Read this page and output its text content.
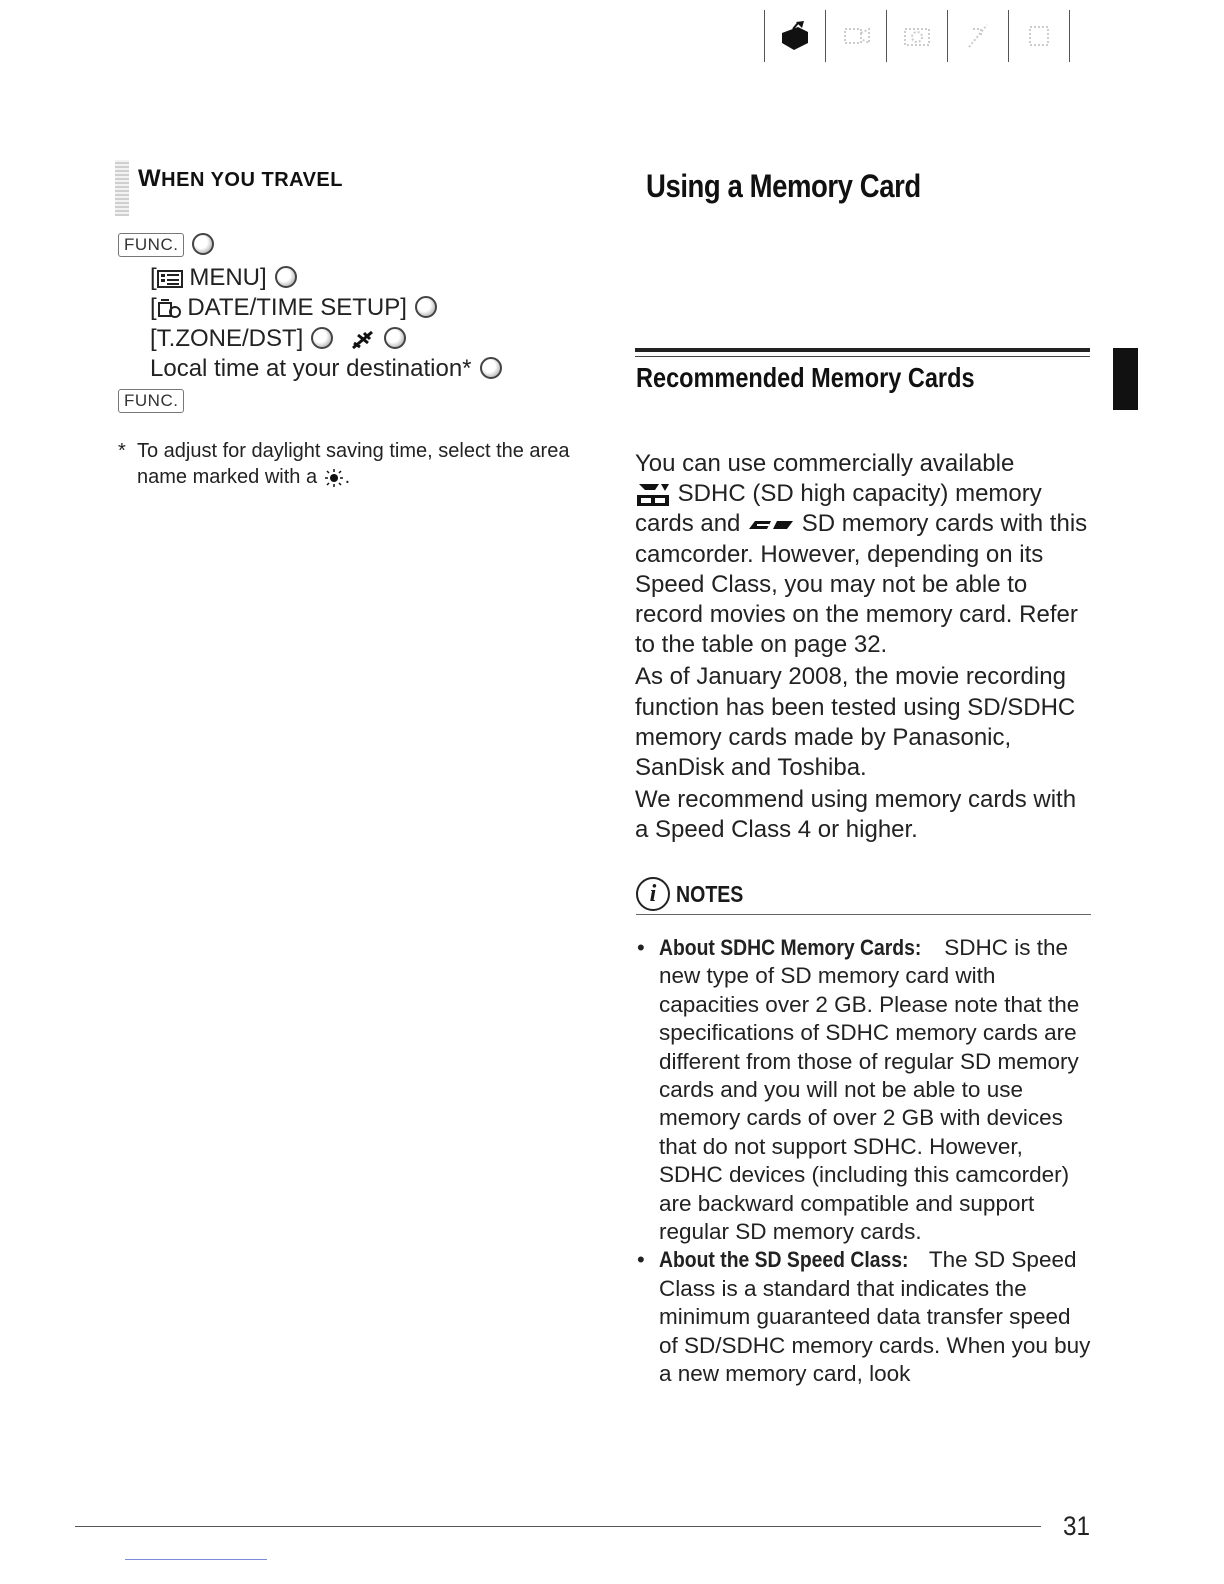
WHEN YOU TRAVEL
FUNC.
[ MENU]
[ DATE/TIME SETUP]
[T.ZONE/DST]
Local time at your destination*
FUNC.
* To adjust for daylight saving time, select the area name marked with a .
Using a Memory Card
Recommended Memory Cards

You can use commercially available
SDHC (SD high capacity) memory cards and	SD memory cards with this camcorder. However, depending on its Speed Class, you may not be able to record movies on the memory card. Refer to the table on page 32.

As of January 2008, the movie recording function has been tested using SD/SDHC memory cards made by Panasonic, SanDisk and Toshiba.

We recommend using memory cards with a Speed Class 4 or higher.

i NOTES
• About SDHC Memory Cards: SDHC is the new type of SD memory card with capacities over 2 GB. Please note that the specifications of SDHC memory cards are different from those of regular SD memory cards and you will not be able to use memory cards of over 2 GB with devices that do not support SDHC. However, SDHC devices (including this camcorder) are backward compatible and support regular SD memory cards.
• About the SD Speed Class: The SD Speed Class is a standard that indicates the minimum guaranteed data transfer speed of SD/SDHC memory cards. When you buy a new memory card, look
31
